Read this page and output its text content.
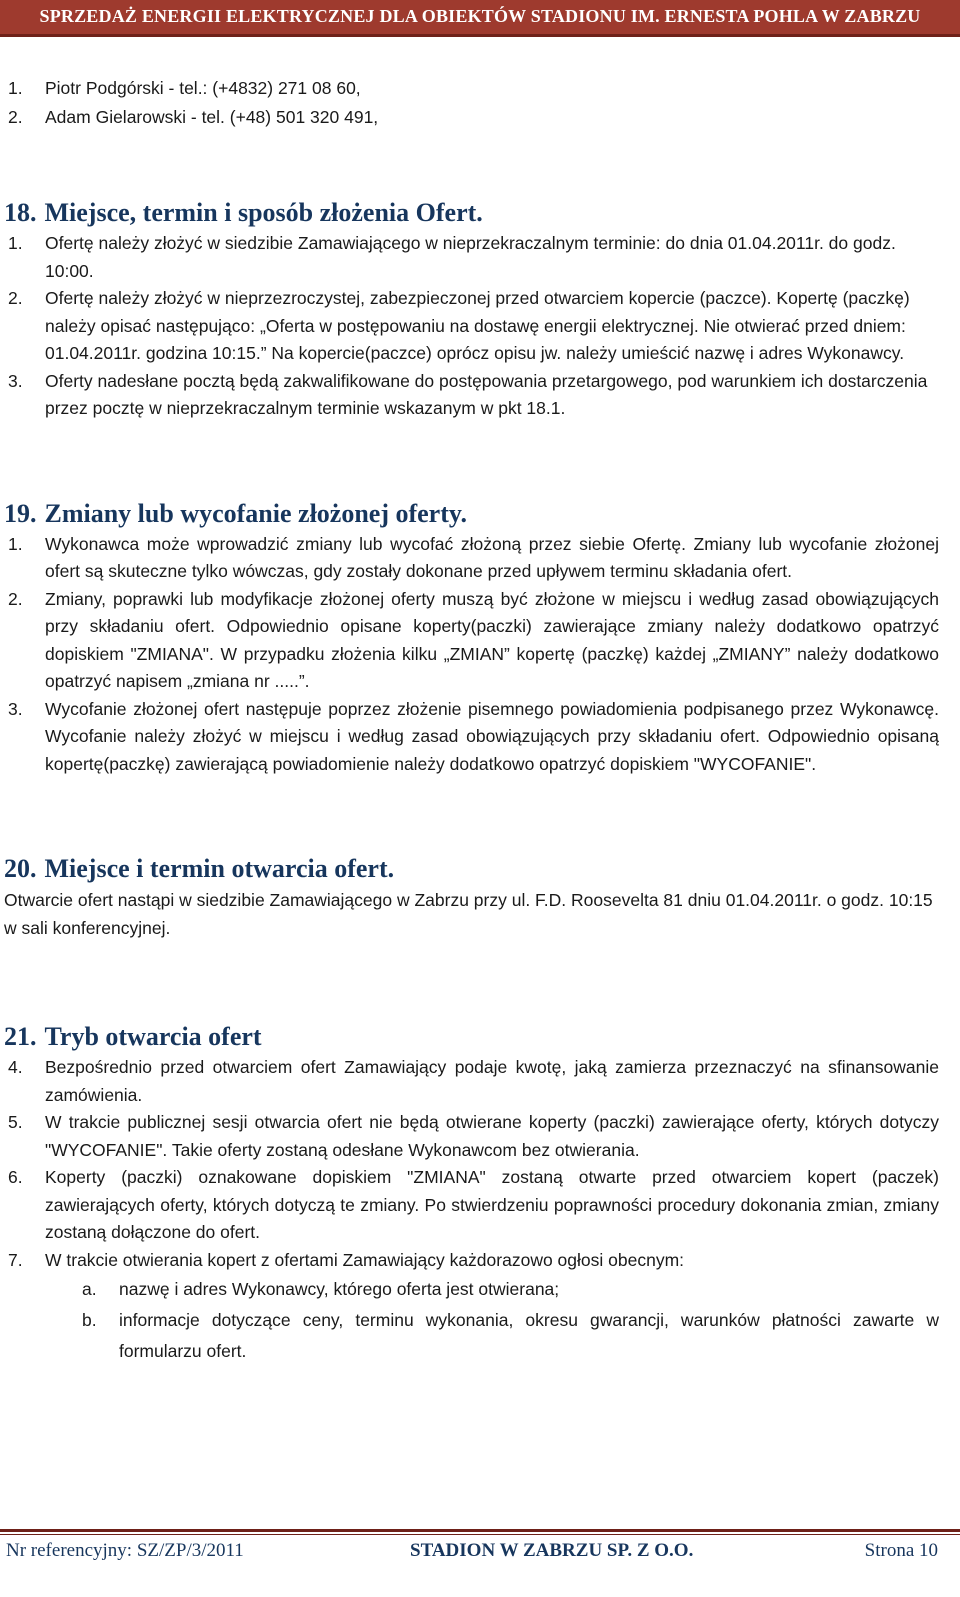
SPRZEDAŻ ENERGII ELEKTRYCZNEJ DLA OBIEKTÓW STADIONU IM. ERNESTA POHLA W ZABRZU
1. Piotr Podgórski - tel.: (+4832) 271 08 60,
2. Adam Gielarowski - tel. (+48) 501 320 491,
18. Miejsce, termin i sposób złożenia Ofert.
1. Ofertę należy złożyć w siedzibie Zamawiającego w nieprzekraczalnym terminie: do dnia 01.04.2011r. do godz. 10:00.
2. Ofertę należy złożyć w nieprzezroczystej, zabezpieczonej przed otwarciem kopercie (paczce). Kopertę (paczkę) należy opisać następująco: „Oferta w postępowaniu na dostawę energii elektrycznej. Nie otwierać przed dniem: 01.04.2011r. godzina 10:15.” Na kopercie(paczce) oprócz opisu jw. należy umieścić nazwę i adres Wykonawcy.
3. Oferty nadesłane pocztą będą zakwalifikowane do postępowania przetargowego, pod warunkiem ich dostarczenia przez pocztę w nieprzekraczalnym terminie wskazanym w pkt 18.1.
19. Zmiany lub wycofanie złożonej oferty.
1. Wykonawca może wprowadzić zmiany lub wycofać złożoną przez siebie Ofertę. Zmiany lub wycofanie złożonej ofert są skuteczne tylko wówczas, gdy zostały dokonane przed upływem terminu składania ofert.
2. Zmiany, poprawki lub modyfikacje złożonej oferty muszą być złożone w miejscu i według zasad obowiązujących przy składaniu ofert. Odpowiednio opisane koperty(paczki) zawierające zmiany należy dodatkowo opatrzyć dopiskiem "ZMIANA". W przypadku złożenia kilku „ZMIAN” kopertę (paczkę) każdej „ZMIANY” należy dodatkowo opatrzyć napisem „zmiana nr .....”.
3. Wycofanie złożonej ofert następuje poprzez złożenie pisemnego powiadomienia podpisanego przez Wykonawcę. Wycofanie należy złożyć w miejscu i według zasad obowiązujących przy składaniu ofert. Odpowiednio opisaną kopertę(paczkę) zawierającą powiadomienie należy dodatkowo opatrzyć dopiskiem "WYCOFANIE".
20. Miejsce i termin otwarcia ofert.

Otwarcie ofert nastąpi w siedzibie Zamawiającego w Zabrzu przy ul. F.D. Roosevelta 81 dniu 01.04.2011r. o godz. 10:15 w sali konferencyjnej.

21. Tryb otwarcia ofert
4. Bezpośrednio przed otwarciem ofert Zamawiający podaje kwotę, jaką zamierza przeznaczyć na sfinansowanie zamówienia.
5. W trakcie publicznej sesji otwarcia ofert nie będą otwierane koperty (paczki) zawierające oferty, których dotyczy "WYCOFANIE". Takie oferty zostaną odesłane Wykonawcom bez otwierania.
6. Koperty (paczki) oznakowane dopiskiem "ZMIANA" zostaną otwarte przed otwarciem kopert (paczek) zawierających oferty, których dotyczą te zmiany. Po stwierdzeniu poprawności procedury dokonania zmian, zmiany zostaną dołączone do ofert.
7. W trakcie otwierania kopert z ofertami Zamawiający każdorazowo ogłosi obecnym:
a. nazwę i adres Wykonawcy, którego oferta jest otwierana;
b. informacje dotyczące ceny, terminu wykonania, okresu gwarancji, warunków płatności zawarte w formularzu ofert.
Nr referencyjny: SZ/ZP/3/2011	STADION W ZABRZU SP. Z O.O.	Strona 10
